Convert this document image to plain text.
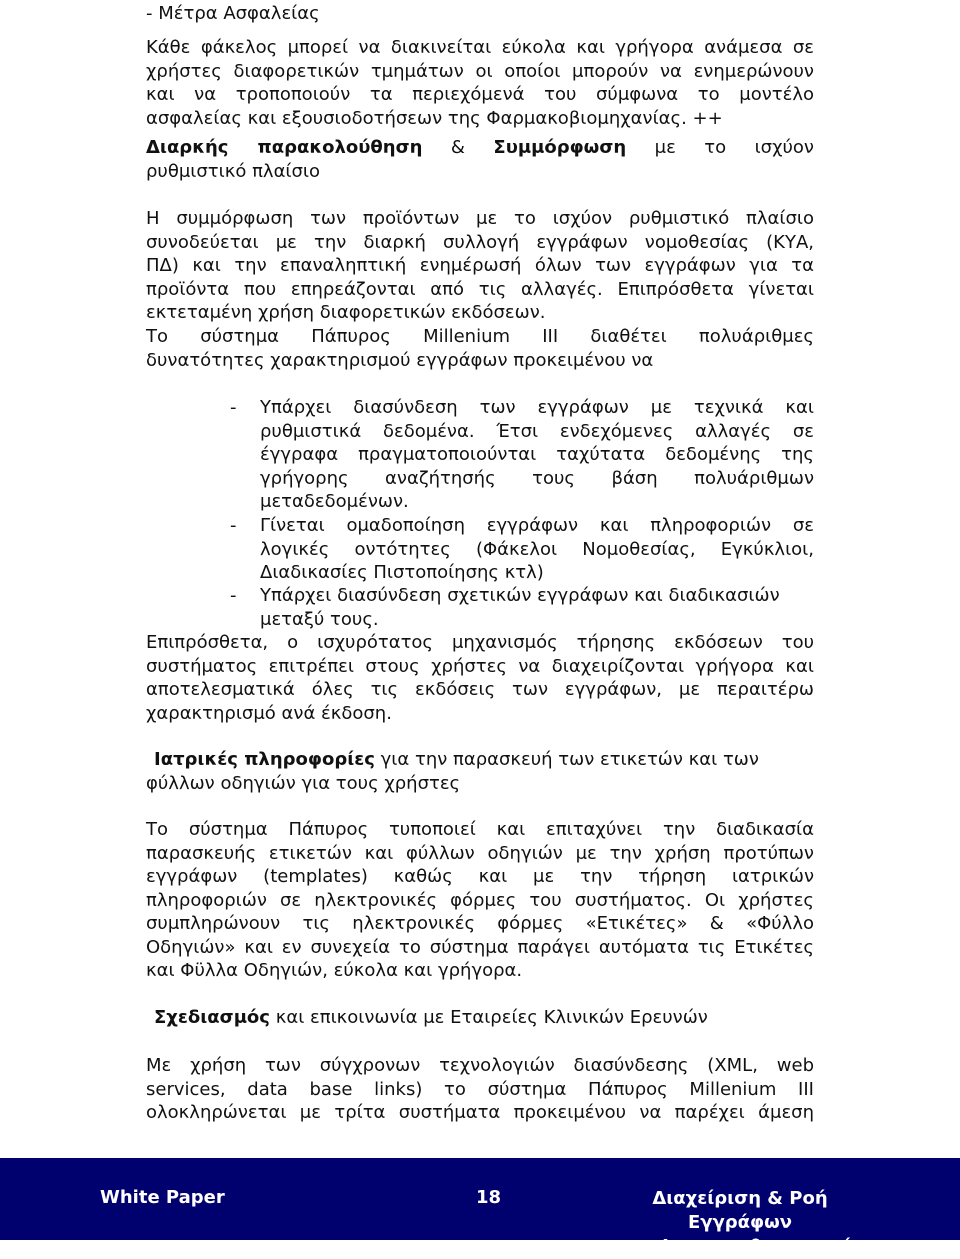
- Μέτρα Ασφαλείας
Κάθε φάκελος μπορεί να διακινείται εύκολα και γρήγορα ανάμεσα σε
χρήστες διαφορετικών τμημάτων οι οποίοι μπορούν να ενημερώνουν
και να τροποποιούν τα περιεχόμενά του σύμφωνα το μοντέλο
ασφαλείας και εξουσιοδοτήσεων της Φαρμακοβιομηχανίας. ++
Διαρκής παρακολούθηση & Συμμόρφωση με το ισχύον
ρυθμιστικό πλαίσιο
Η συμμόρφωση των προϊόντων με το ισχύον ρυθμιστικό πλαίσιο
συνοδεύεται με την διαρκή συλλογή εγγράφων νομοθεσίας (ΚΥΑ,
ΠΔ) και την επαναληπτική ενημέρωσή όλων των εγγράφων για τα
προϊόντα που επηρεάζονται από τις αλλαγές. Επιπρόσθετα γίνεται
εκτεταμένη χρήση διαφορετικών εκδόσεων.
Το σύστημα Πάπυρος Millenium III διαθέτει πολυάριθμες
δυνατότητες χαρακτηρισμού εγγράφων προκειμένου να
- Υπάρχει διασύνδεση των εγγράφων με τεχνικά και
ρυθμιστικά δεδομένα. Έτσι ενδεχόμενες αλλαγές σε
έγγραφα πραγματοποιούνται ταχύτατα δεδομένης της
γρήγορης αναζήτησής τους βάση πολυάριθμων
μεταδεδομένων.
- Γίνεται ομαδοποίηση εγγράφων και πληροφοριών σε
λογικές οντότητες (Φάκελοι Νομοθεσίας, Εγκύκλιοι,
Διαδικασίες Πιστοποίησης κτλ)
- Υπάρχει διασύνδεση σχετικών εγγράφων και διαδικασιών
μεταξύ τους.
Επιπρόσθετα, ο ισχυρότατος μηχανισμός τήρησης εκδόσεων του
συστήματος επιτρέπει στους χρήστες να διαχειρίζονται γρήγορα και
αποτελεσματικά όλες τις εκδόσεις των εγγράφων, με περαιτέρω
χαρακτηρισμό ανά έκδοση.
Ιατρικές πληροφορίες για την παρασκευή των ετικετών και των
φύλλων οδηγιών για τους χρήστες
Το σύστημα Πάπυρος τυποποιεί και επιταχύνει την διαδικασία
παρασκευής ετικετών και φύλλων οδηγιών με την χρήση προτύπων
εγγράφων (templates) καθώς και με την τήρηση ιατρικών
πληροφοριών σε ηλεκτρονικές φόρμες του συστήματος. Οι χρήστες
συμπληρώνουν τις ηλεκτρονικές φόρμες «Ετικέτες» & «Φύλλο
Οδηγιών» και εν συνεχεία το σύστημα παράγει αυτόματα τις Ετικέτες
και Φϋλλα Οδηγιών, εύκολα και γρήγορα.
Σχεδιασμός και επικοινωνία με Εταιρείες Κλινικών Ερευνών
Με χρήση των σύγχρονων τεχνολογιών διασύνδεσης (XML, web
services, data base links) το σύστημα Πάπυρος Millenium III
ολοκληρώνεται με τρίτα συστήματα προκειμένου να παρέχει άμεση
White Paper	18	Διαχείριση & Ροή Εγγράφων
στις Φαρμακοβιομηχανίες
